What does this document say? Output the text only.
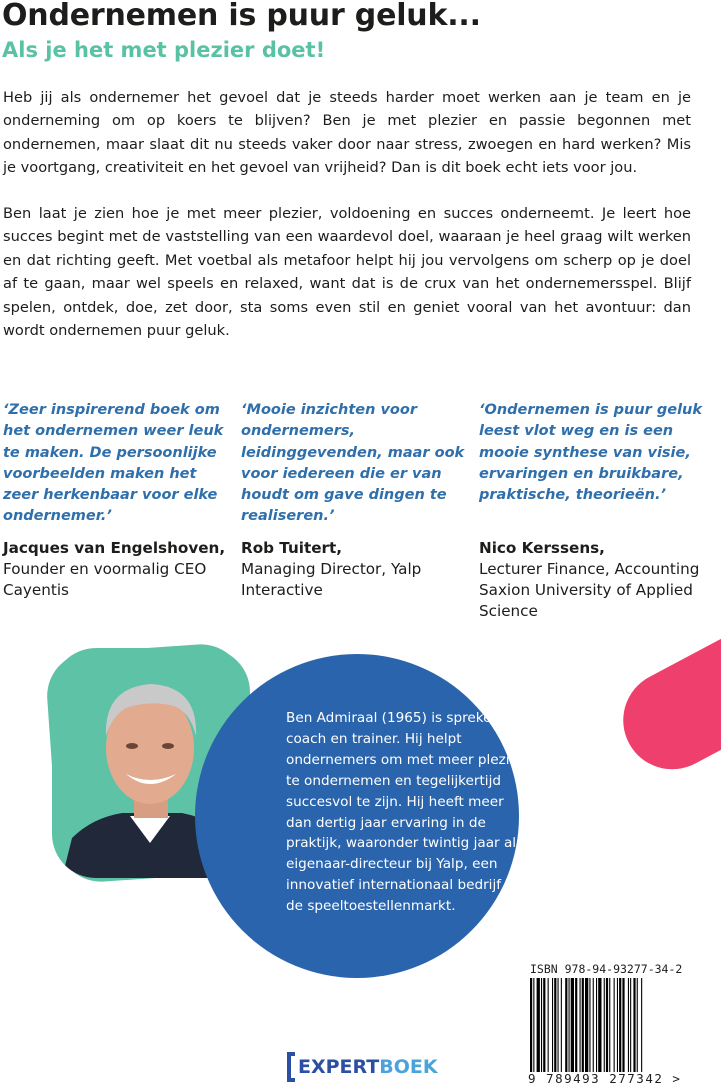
Ondernemen is puur geluk...
Als je het met plezier doet!

Heb jij als ondernemer het gevoel dat je steeds harder moet werken aan je team en je onderneming om op koers te blijven? Ben je met plezier en passie begonnen met ondernemen, maar slaat dit nu steeds vaker door naar stress, zwoegen en hard werken? Mis je voortgang, creativiteit en het gevoel van vrijheid? Dan is dit boek echt iets voor jou.

Ben laat je zien hoe je met meer plezier, voldoening en succes onderneemt. Je leert hoe succes begint met de vaststelling van een waardevol doel, waaraan je heel graag wilt werken en dat richting geeft. Met voetbal als metafoor helpt hij jou vervolgens om scherp op je doel af te gaan, maar wel speels en relaxed, want dat is de crux van het ondernemersspel. Blijf spelen, ontdek, doe, zet door, sta soms even stil en geniet vooral van het avontuur: dan wordt ondernemen puur geluk.

‘Zeer inspirerend boek om het ondernemen weer leuk te maken. De persoonlijke voorbeelden maken het zeer herkenbaar voor elke ondernemer.’

‘Mooie inzichten voor ondernemers, leidinggevenden, maar ook voor iedereen die er van houdt om gave dingen te realiseren.’

‘Ondernemen is puur geluk leest vlot weg en is een mooie synthese van visie, ervaringen en bruikbare, praktische, theorieën.’

Jacques van Engelshoven,
Founder en voormalig CEO Cayentis
Rob Tuitert,
Managing Director, Yalp Interactive
Nico Kerssens,
Lecturer Finance, Accounting Saxion University of Applied Science

Ben Admiraal (1965) is spreker, coach en trainer. Hij helpt ondernemers om met meer plezier te ondernemen en tegelijkertijd succesvol te zijn. Hij heeft meer dan dertig jaar ervaring in de praktijk, waaronder twintig jaar als eigenaar-directeur bij Yalp, een innovatief internationaal bedrijf in de speeltoestellenmarkt.

ISBN 978-94-93277-34-2
9 789493 277342 >
EXPERT BOEK
